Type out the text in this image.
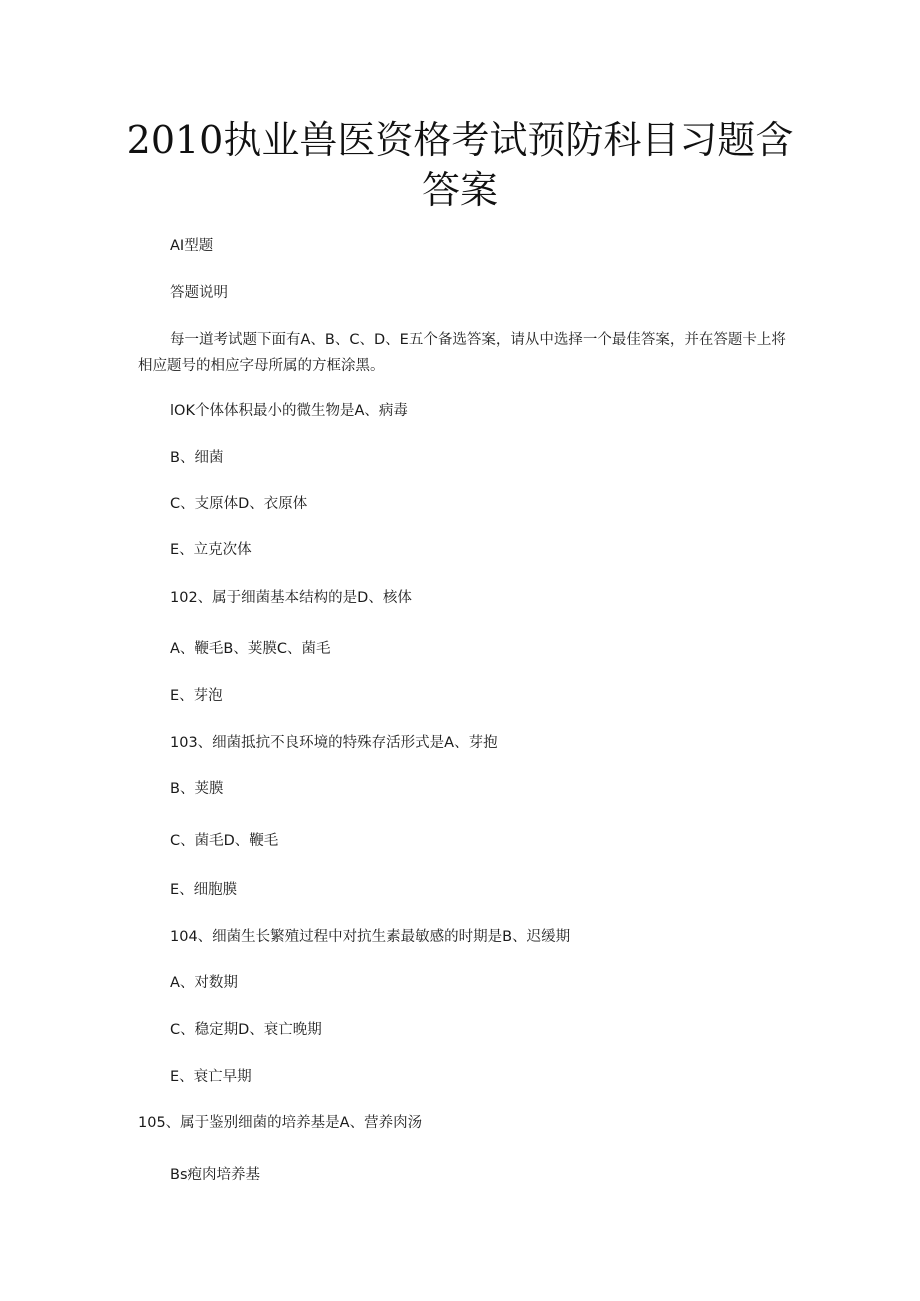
2010执业兽医资格考试预防科目习题含
答案
AI型题
答题说明

每一道考试题下面有A、B、C、D、E五个备选答案，请从中选择一个最佳答案，并在答题卡上将相应题号的相应字母所属的方框涂黑。

lOK个体体积最小的微生物是A、病毒
B、细菌
C、支原体D、衣原体
E、立克次体
102、属于细菌基本结构的是D、核体
A、鞭毛B、荚膜C、菌毛
E、芽泡
103、细菌抵抗不良环境的特殊存活形式是A、芽抱
B、荚膜
C、菌毛D、鞭毛
E、细胞膜
104、细菌生长繁殖过程中对抗生素最敏感的时期是B、迟缓期
A、对数期
C、稳定期D、衰亡晚期
E、衰亡早期
105、属于鉴别细菌的培养基是A、营养肉汤
Bs疱肉培养基
